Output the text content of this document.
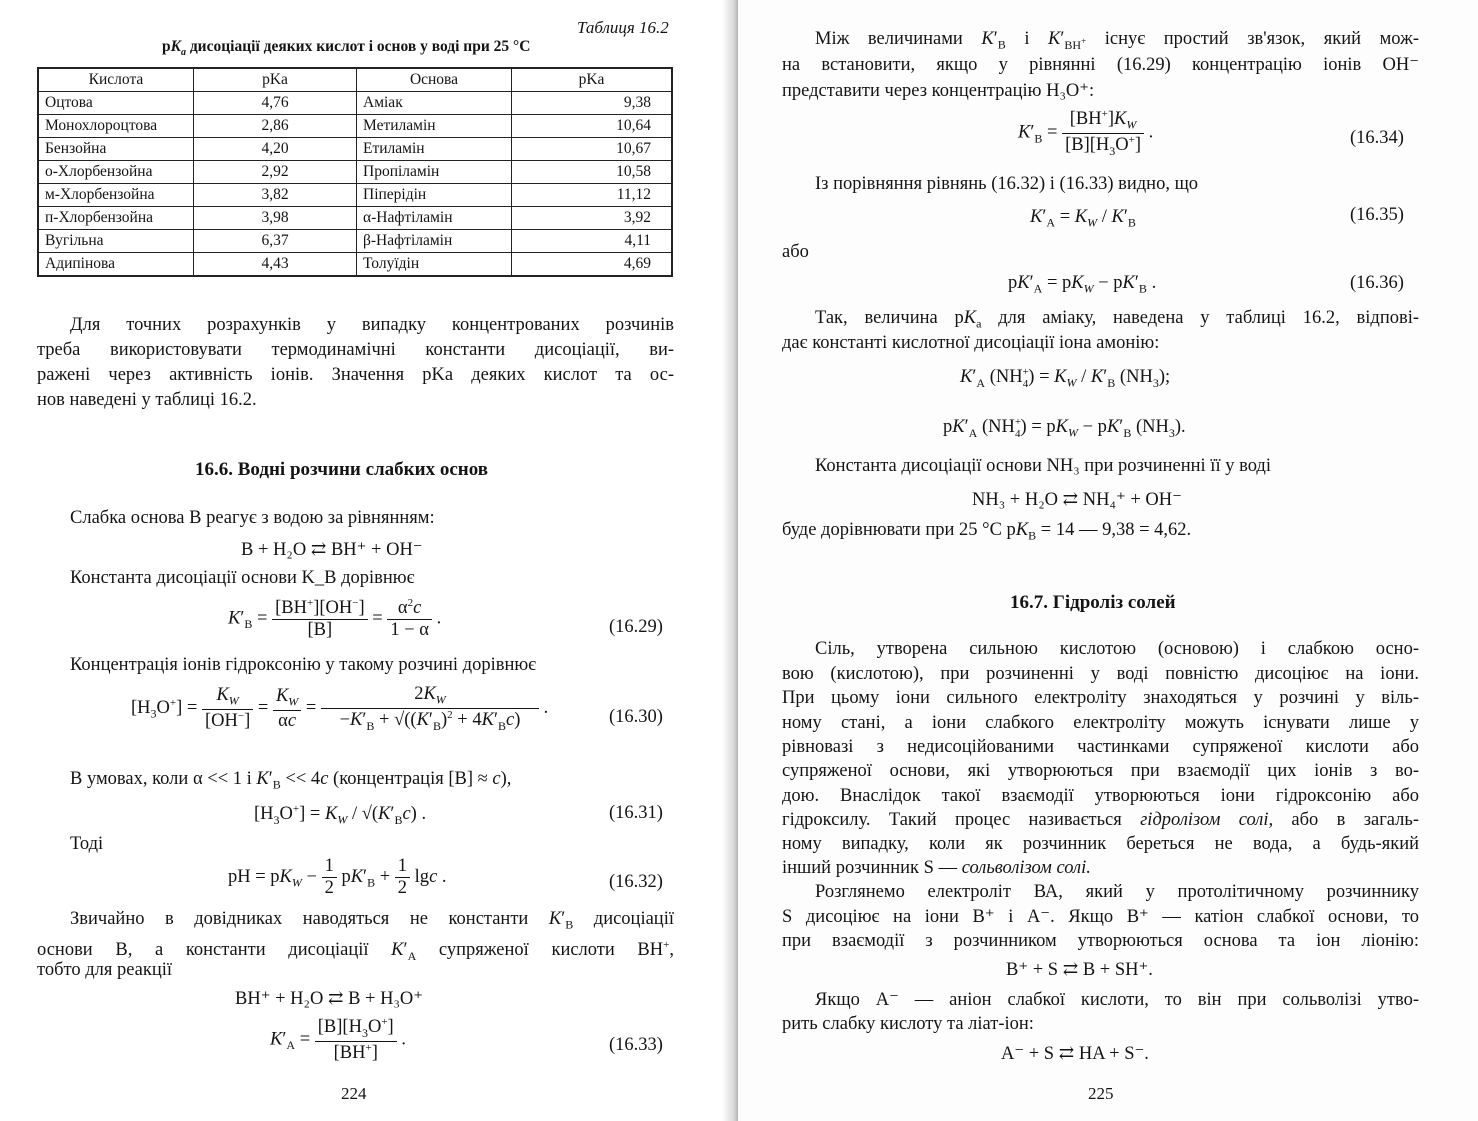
Таблиця 16.2
$pK_a$ дисоціації деяких кислот і основ у воді при 25 °С
Кислота	pKa	Основа	pKa
Оцтова	4,76	Аміак	9,38
Монохлороцтова	2,86	Метиламін	10,64
Бензойна	4,20	Етиламін	10,67
о-Хлорбензойна	2,92	Пропіламін	10,58
м-Хлорбензойна	3,82	Піперідін	11,12
п-Хлорбензойна	3,98	α-Нафтіламін	3,92
Вугільна	6,37	β-Нафтіламін	4,11
Адипінова	4,43	Толуїдін	4,69
Для точних розрахунків у випадку концентрованих розчинів
треба використовувати термодинамічні константи дисоціації, ви-
ражені через активність іонів. Значення pKa деяких кислот та ос-
нов наведені у таблиці 16.2.
16.6. Водні розчини слабких основ
Слабка основа В реагує з водою за рівнянням:
B + H₂O ⇄ BH⁺ + OH⁻
Константа дисоціації основи K_B дорівнює
$K'_B = \frac{[BH^+][OH^-]}{[B]} = \frac{\alpha^2c}{1 - \alpha}$ .	(16.29)
Концентрація іонів гідроксонію у такому розчині дорівнює
$[H_3O^+] = \frac{K_W}{[OH^-]} = \frac{K_W}{\alpha c} = \frac{2K_W}{-K'_B + √((K'_B)^2 + 4K'_Bc)}$ .	(16.30)
В умовах, коли α << 1 і $K'_B << 4c$ (концентрація [B] ≈ c),
$[H_3O^+] = K_W / √(K'_Bc)$ .	(16.31)
Тоді
pH = $pK_W - \frac{1}{2} pK'_B + \frac{1}{2}$ lgc .	(16.32)
Звичайно в довідниках наводяться не константи $K'_B$ дисоціації
основи В, а константи дисоціації $K'_A$ супряженої кислоти BH+,
тобто для реакції
BH⁺ + H₂O ⇄ B + H₃O⁺
$K'_A = \frac{[B][H_3O^+]}{[BH^+]}$ .	(16.33)
224
Між величинами $K'_B$ і $K'_{BH^+}$ існує простий зв'язок, який мож-
на встановити, якщо у рівнянні (16.29) концентрацію іонів OH⁻
представити через концентрацію H₃O⁺:
$K'_B = \frac{[BH^+]K_W}{[B][H_3O^+]}$ .	(16.34)
Із порівняння рівнянь (16.32) і (16.33) видно, що
$K'_A = K_W / K'_B$	(16.35)
або
$pK'_A = pK_W - pK'_B$ .	(16.36)
Так, величина $pK_a$ для аміаку, наведена у таблиці 16.2, відпові-
дає константі кислотної дисоціації іона амонію:
$K'_A$ $(NH^+_4) = K_W / K'_B$ $(NH_3)$;
$pK'_A$ $(NH^+_4) = pK_W - pK'_B$ $(NH_3)$.
Константа дисоціації основи NH₃ при розчиненні її у воді
NH₃ + H₂O ⇄ NH₄⁺ + OH⁻
буде дорівнювати при 25 °С $pK_B = 14$ — 9,38 = 4,62.
16.7. Гідроліз солей
Сіль, утворена сильною кислотою (основою) і слабкою осно-
вою (кислотою), при розчиненні у воді повністю дисоціює на іони.
При цьому іони сильного електроліту знаходяться у розчині у віль-
ному стані, а іони слабкого електроліту можуть існувати лише у
рівновазі з недисоційованими частинками супряженої кислоти або
супряженої основи, які утворюються при взаємодії цих іонів з во-
дою. Внаслідок такої взаємодії утворюються іони гідроксонію або
гідроксилу. Такий процес називається гідролізом солі, або в загаль-
ному випадку, коли як розчинник береться не вода, а будь-який
інший розчинник S — сольволізом солі.
Розглянемо електроліт ВА, який у протолітичному розчиннику
S дисоціює на іони B⁺ і A⁻. Якщо B⁺ — катіон слабкої основи, то
при взаємодії з розчинником утворюються основа та іон ліонію:
B⁺ + S ⇄ B + SH⁺.
Якщо A⁻ — аніон слабкої кислоти, то він при сольволізі утво-
рить слабку кислоту та ліат-іон:
A⁻ + S ⇄ HA + S⁻.
225
